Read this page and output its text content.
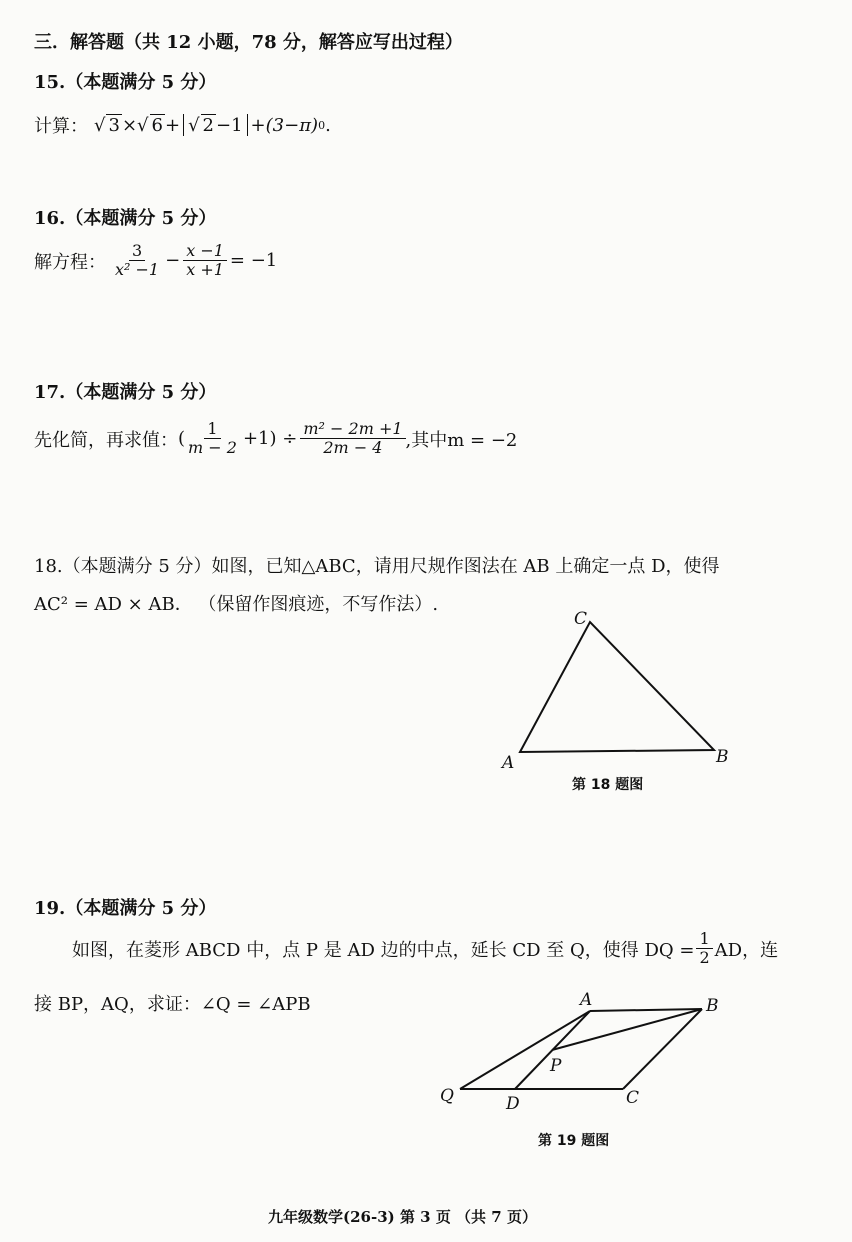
三．解答题（共 12 小题，78 分，解答应写出过程）
15.（本题满分 5 分）
计算： √ 3 × √ 6 + √ 2 −1 + (3−π) 0 .
16.（本题满分 5 分）
解方程： $\frac{3}{\text{x² −1}} - \frac{x -1}{x +1} = -1$
17.（本题满分 5 分）
先化简，再求值： ( $\frac{1}{m - 2} +1) \div \frac{\text{m² − 2m +1}}{2m - 4}$ ,其中m = −2
18.（本题满分 5 分）如图，已知△ABC，请用尺规作图法在 AB 上确定一点 D，使得
AC² = AD × AB． （保留作图痕迹，不写作法）.
A	B
C
第 18 题图
19.（本题满分 5 分）
如图，在菱形 ABCD 中，点 P 是 AD 边的中点，延长 CD 至 Q，使得 DQ = $\frac{1}{2}$ AD，连
接 BP，AQ，求证：∠Q = ∠APB	A	B
C
D
P
Q
第 19 题图
九年级数学(26-3) 第 3 页 （共 7 页）
